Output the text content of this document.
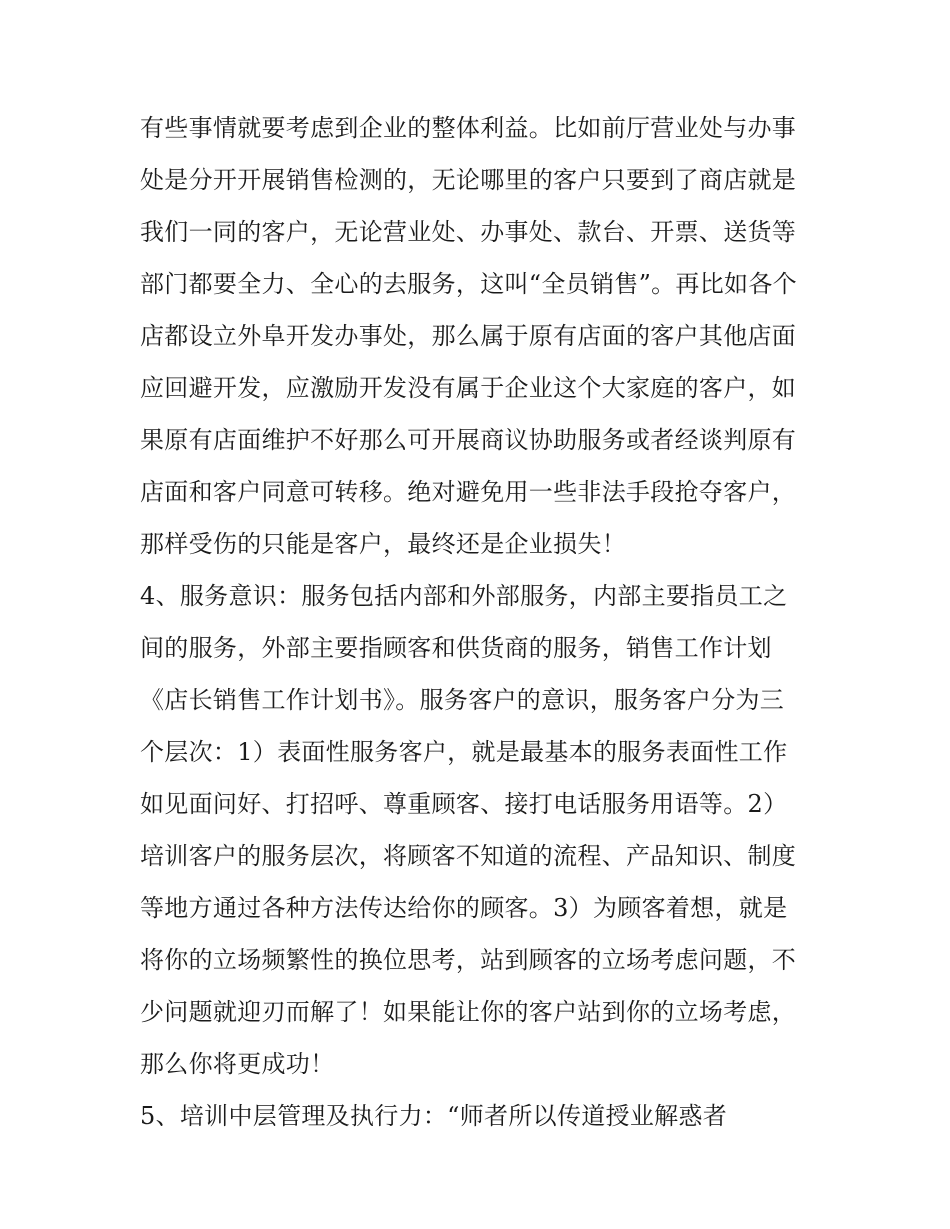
有些事情就要考虑到企业的整体利益。比如前厅营业处与办事
处是分开开展销售检测的，无论哪里的客户只要到了商店就是
我们一同的客户，无论营业处、办事处、款台、开票、送货等
部门都要全力、全心的去服务，这叫“全员销售”。再比如各个
店都设立外阜开发办事处，那么属于原有店面的客户其他店面
应回避开发，应激励开发没有属于企业这个大家庭的客户，如
果原有店面维护不好那么可开展商议协助服务或者经谈判原有
店面和客户同意可转移。绝对避免用一些非法手段抢夺客户，
那样受伤的只能是客户，最终还是企业损失！
4、服务意识：服务包括内部和外部服务，内部主要指员工之
间的服务，外部主要指顾客和供货商的服务，销售工作计划
《店长销售工作计划书》。服务客户的意识，服务客户分为三
个层次：1）表面性服务客户，就是最基本的服务表面性工作
如见面问好、打招呼、尊重顾客、接打电话服务用语等。2）
培训客户的服务层次，将顾客不知道的流程、产品知识、制度
等地方通过各种方法传达给你的顾客。3）为顾客着想，就是
将你的立场频繁性的换位思考，站到顾客的立场考虑问题，不
少问题就迎刃而解了！如果能让你的客户站到你的立场考虑，
那么你将更成功！
5、培训中层管理及执行力：“师者所以传道授业解惑者
